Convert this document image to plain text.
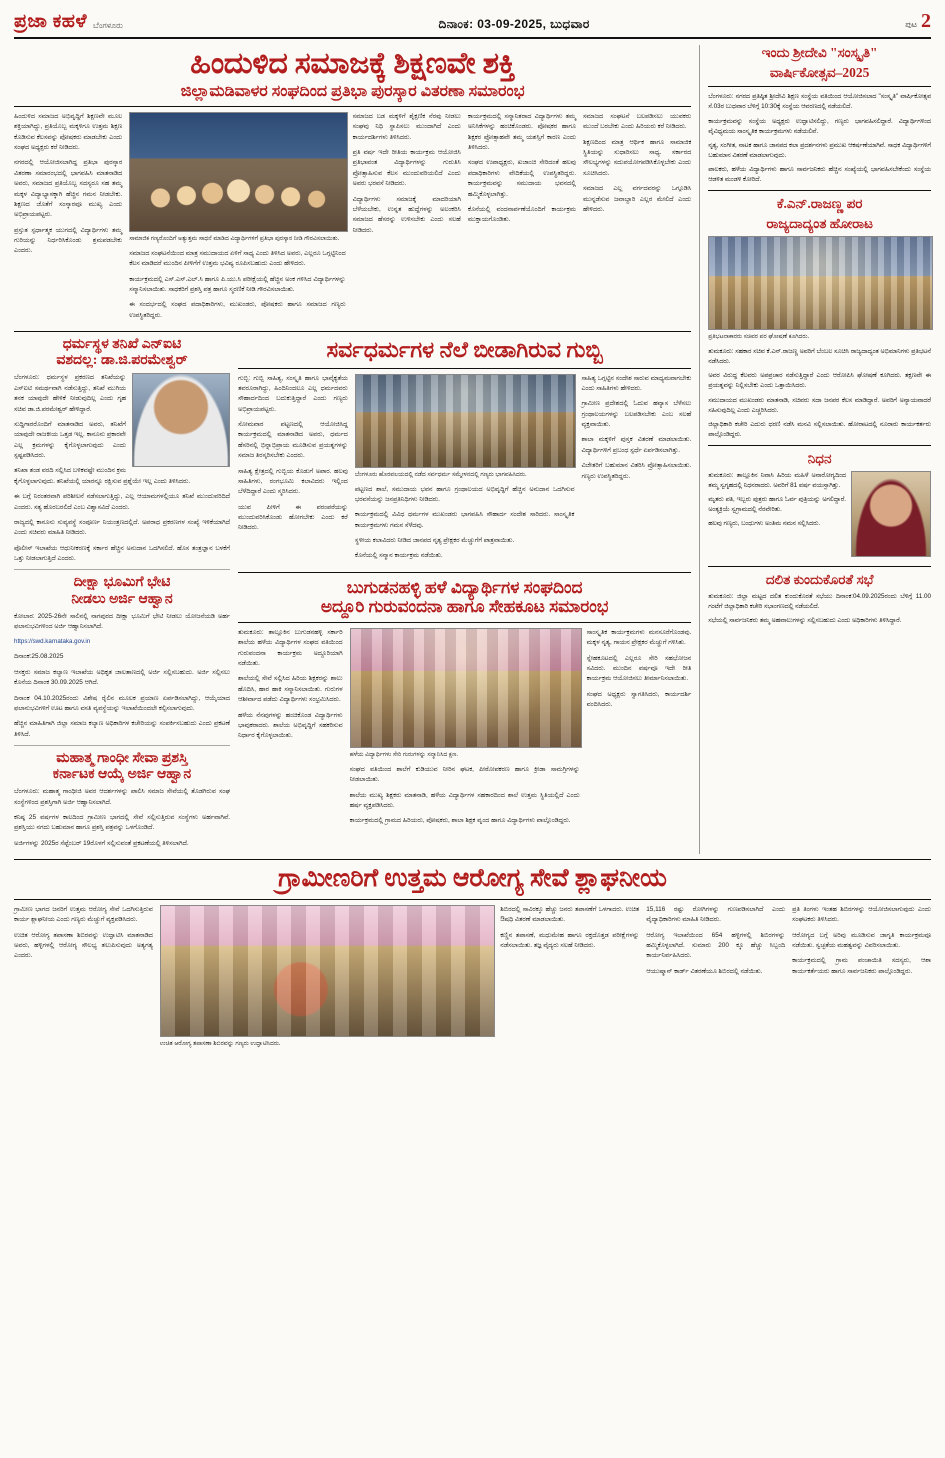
ಪ್ರಜಾ ಕಹಳೆ ಬೆಂಗಳೂರು	ದಿನಾಂಕ: 03-09-2025, ಬುಧವಾರ	ಪುಟ 2
ಹಿಂದುಳಿದ ಸಮಾಜಕ್ಕೆ ಶಿಕ್ಷಣವೇ ಶಕ್ತಿ
ಜಿಲ್ಲಾಮಡಿವಾಳರ ಸಂಘದಿಂದ ಪ್ರತಿಭಾ ಪುರಸ್ಕಾರ ವಿತರಣಾ ಸಮಾರಂಭ

ಹಿಂದುಳಿದ ಸಮಾಜದ ಅಭಿವೃದ್ಧಿಗೆ ಶಿಕ್ಷಣವೇ ಮೂಲ ಶಕ್ತಿಯಾಗಿದ್ದು, ಪ್ರತಿಯೊಬ್ಬ ಮಕ್ಕಳಿಗೂ ಉತ್ತಮ ಶಿಕ್ಷಣ ಕೊಡಿಸುವ ಕೆಲಸವನ್ನು ಪೋಷಕರು ಮಾಡಬೇಕು ಎಂದು ಸಂಘದ ಅಧ್ಯಕ್ಷರು ಕರೆ ನೀಡಿದರು.

ನಗರದಲ್ಲಿ ಆಯೋಜಿಸಲಾಗಿದ್ದ ಪ್ರತಿಭಾ ಪುರಸ್ಕಾರ ವಿತರಣಾ ಸಮಾರಂಭದಲ್ಲಿ ಭಾಗವಹಿಸಿ ಮಾತನಾಡಿದ ಅವರು, ಸಮಾಜದ ಪ್ರತಿಯೊಬ್ಬ ಸದಸ್ಯರೂ ಸಹ ತಮ್ಮ ಮಕ್ಕಳ ವಿದ್ಯಾಭ್ಯಾಸಕ್ಕಾಗಿ ಹೆಚ್ಚಿನ ಗಮನ ನೀಡಬೇಕು. ಶಿಕ್ಷಣದ ಜೊತೆಗೆ ಸಂಸ್ಕಾರವೂ ಮುಖ್ಯ ಎಂದು ಅಭಿಪ್ರಾಯಪಟ್ಟರು.

ಪ್ರಸ್ತುತ ಸ್ಪರ್ಧಾತ್ಮಕ ಯುಗದಲ್ಲಿ ವಿದ್ಯಾರ್ಥಿಗಳು ತಮ್ಮ ಗುರಿಯನ್ನು ನಿರ್ಧರಿಸಿಕೊಂಡು ಶ್ರಮಪಡಬೇಕು ಎಂದರು.

ಸಾಮಾಜಿಕ ಗಣ್ಯರೊಂದಿಗೆ ಅತ್ಯುತ್ತಮ ಸಾಧನೆ ಮಾಡಿದ ವಿದ್ಯಾರ್ಥಿಗಳಿಗೆ ಪ್ರತಿಭಾ ಪುರಸ್ಕಾರ ನೀಡಿ ಗೌರವಿಸಲಾಯಿತು.

ಸಮಾಜದ ಸಂಘಟನೆಯಿಂದ ಮಾತ್ರ ಸಮುದಾಯದ ಏಳಿಗೆ ಸಾಧ್ಯ ಎಂದು ತಿಳಿಸಿದ ಅವರು, ಎಲ್ಲರೂ ಒಗ್ಗಟ್ಟಿನಿಂದ ಕೆಲಸ ಮಾಡಿದರೆ ಮುಂದಿನ ಪೀಳಿಗೆಗೆ ಉತ್ತಮ ಭವಿಷ್ಯ ರೂಪಿಸಬಹುದು ಎಂದು ಹೇಳಿದರು.

ಕಾರ್ಯಕ್ರಮದಲ್ಲಿ ಎಸ್.ಎಸ್.ಎಲ್.ಸಿ ಹಾಗೂ ಪಿ.ಯು.ಸಿ ಪರೀಕ್ಷೆಯಲ್ಲಿ ಹೆಚ್ಚಿನ ಅಂಕ ಗಳಿಸಿದ ವಿದ್ಯಾರ್ಥಿಗಳನ್ನು ಸನ್ಮಾನಿಸಲಾಯಿತು. ಸಾಧಕರಿಗೆ ಪ್ರಶಸ್ತಿ ಪತ್ರ ಹಾಗೂ ಸ್ಮರಣಿಕೆ ನೀಡಿ ಗೌರವಿಸಲಾಯಿತು.

ಈ ಸಂದರ್ಭದಲ್ಲಿ ಸಂಘದ ಪದಾಧಿಕಾರಿಗಳು, ಮುಖಂಡರು, ಪೋಷಕರು ಹಾಗೂ ಸಮಾಜದ ಗಣ್ಯರು ಉಪಸ್ಥಿತರಿದ್ದರು.

ಸಮಾಜದ ಬಡ ಮಕ್ಕಳಿಗೆ ಶೈಕ್ಷಣಿಕ ನೆರವು ನೀಡಲು ಸಂಘವು ನಿಧಿ ಸ್ಥಾಪಿಸಲು ಮುಂದಾಗಿದೆ ಎಂದು ಕಾರ್ಯದರ್ಶಿಗಳು ತಿಳಿಸಿದರು.

ಪ್ರತಿ ವರ್ಷ ಇದೇ ರೀತಿಯ ಕಾರ್ಯಕ್ರಮ ಆಯೋಜಿಸಿ ಪ್ರತಿಭಾವಂತ ವಿದ್ಯಾರ್ಥಿಗಳನ್ನು ಗುರುತಿಸಿ ಪ್ರೋತ್ಸಾಹಿಸುವ ಕೆಲಸ ಮುಂದುವರಿಯಲಿದೆ ಎಂದು ಅವರು ಭರವಸೆ ನೀಡಿದರು.

ವಿದ್ಯಾರ್ಥಿಗಳು ಸಮಾಜಕ್ಕೆ ಮಾದರಿಯಾಗಿ ಬೆಳೆಯಬೇಕು, ಉನ್ನತ ಹುದ್ದೆಗಳನ್ನು ಅಲಂಕರಿಸಿ ಸಮಾಜದ ಹೆಸರನ್ನು ಉಳಿಸಬೇಕು ಎಂದು ಸಲಹೆ ನೀಡಿದರು.

ಕಾರ್ಯಕ್ರಮದಲ್ಲಿ ಸನ್ಮಾನಿತರಾದ ವಿದ್ಯಾರ್ಥಿಗಳು ತಮ್ಮ ಅನಿಸಿಕೆಗಳನ್ನು ಹಂಚಿಕೊಂಡರು. ಪೋಷಕರ ಹಾಗೂ ಶಿಕ್ಷಕರ ಪ್ರೋತ್ಸಾಹವೇ ತಮ್ಮ ಯಶಸ್ಸಿಗೆ ಕಾರಣ ಎಂದು ತಿಳಿಸಿದರು.

ಸಂಘದ ಉಪಾಧ್ಯಕ್ಷರು, ಖಜಾಂಚಿ ಸೇರಿದಂತೆ ಹಲವು ಪದಾಧಿಕಾರಿಗಳು ವೇದಿಕೆಯಲ್ಲಿ ಉಪಸ್ಥಿತರಿದ್ದರು. ಕಾರ್ಯಕ್ರಮವನ್ನು ಸಮುದಾಯ ಭವನದಲ್ಲಿ ಹಮ್ಮಿಕೊಳ್ಳಲಾಗಿತ್ತು.

ಕೊನೆಯಲ್ಲಿ ವಂದನಾರ್ಪಣೆಯೊಂದಿಗೆ ಕಾರ್ಯಕ್ರಮ ಮುಕ್ತಾಯಗೊಂಡಿತು.

ಸಮಾಜದ ಸಂಘಟನೆ ಬಲಪಡಿಸಲು ಯುವಕರು ಮುಂದೆ ಬರಬೇಕು ಎಂದು ಹಿರಿಯರು ಕರೆ ನೀಡಿದರು.

ಶಿಕ್ಷಣದಿಂದ ಮಾತ್ರ ಆರ್ಥಿಕ ಹಾಗೂ ಸಾಮಾಜಿಕ ಸ್ಥಿತಿಯನ್ನು ಸುಧಾರಿಸಲು ಸಾಧ್ಯ. ಸರ್ಕಾರದ ಸೌಲಭ್ಯಗಳನ್ನು ಸದುಪಯೋಗಪಡಿಸಿಕೊಳ್ಳಬೇಕು ಎಂದು ಸೂಚಿಸಿದರು.

ಸಮಾಜದ ಎಲ್ಲ ವರ್ಗದವರನ್ನು ಒಗ್ಗೂಡಿಸಿ ಮುನ್ನಡೆಸುವ ಜವಾಬ್ದಾರಿ ಎಲ್ಲರ ಮೇಲಿದೆ ಎಂದು ಹೇಳಿದರು.

ಧರ್ಮಸ್ಥಳ ತನಿಖೆ ಎನ್‌ಐಟಿ
ವಶದಲ್ಲ: ಡಾ.ಜಿ.ಪರಮೇಶ್ವರ್

ಬೆಂಗಳೂರು: ಧರ್ಮಸ್ಥಳ ಪ್ರಕರಣದ ತನಿಖೆಯನ್ನು ಎಸ್‌ಐಟಿ ಸಮರ್ಥವಾಗಿ ನಡೆಸುತ್ತಿದ್ದು, ತನಿಖೆ ಮುಗಿಯ ತನಕ ಯಾವುದೇ ಹೇಳಿಕೆ ನೀಡುವುದಿಲ್ಲ ಎಂದು ಗೃಹ ಸಚಿವ ಡಾ.ಜಿ.ಪರಮೇಶ್ವರ್ ಹೇಳಿದ್ದಾರೆ.

ಸುದ್ದಿಗಾರರೊಂದಿಗೆ ಮಾತನಾಡಿದ ಅವರು, ತನಿಖೆಗೆ ಯಾವುದೇ ರಾಜಕೀಯ ಒತ್ತಡ ಇಲ್ಲ. ಕಾನೂನು ಪ್ರಕಾರವೇ ಎಲ್ಲ ಕ್ರಮಗಳನ್ನು ಕೈಗೊಳ್ಳಲಾಗುವುದು ಎಂದು ಸ್ಪಷ್ಟಪಡಿಸಿದರು.

ತನಿಖಾ ತಂಡ ವರದಿ ಸಲ್ಲಿಸಿದ ಬಳಿಕವಷ್ಟೇ ಮುಂದಿನ ಕ್ರಮ ಕೈಗೊಳ್ಳಲಾಗುವುದು. ತನಿಖೆಯಲ್ಲಿ ಯಾರನ್ನೂ ರಕ್ಷಿಸುವ ಪ್ರಶ್ನೆಯೇ ಇಲ್ಲ ಎಂದು ತಿಳಿಸಿದರು.

ಈ ಬಗ್ಗೆ ನಿರಂತರವಾಗಿ ಪರಿಶೀಲನೆ ನಡೆಸಲಾಗುತ್ತಿದ್ದು, ಎಲ್ಲ ಆಯಾಮಗಳಲ್ಲಿಯೂ ತನಿಖೆ ಮುಂದುವರಿದಿದೆ ಎಂದರು. ಸತ್ಯ ಹೊರಬರಲಿದೆ ಎಂಬ ವಿಶ್ವಾಸವಿದೆ ಎಂದರು.

ರಾಜ್ಯದಲ್ಲಿ ಕಾನೂನು ಸುವ್ಯವಸ್ಥೆ ಸಂಪೂರ್ಣ ನಿಯಂತ್ರಣದಲ್ಲಿದೆ. ಅಪರಾಧ ಪ್ರಕರಣಗಳ ಸಂಖ್ಯೆ ಇಳಿಕೆಯಾಗಿದೆ ಎಂದು ಸಚಿವರು ಮಾಹಿತಿ ನೀಡಿದರು.

ಪೊಲೀಸ್ ಇಲಾಖೆಯ ಆಧುನೀಕರಣಕ್ಕೆ ಸರ್ಕಾರ ಹೆಚ್ಚಿನ ಅನುದಾನ ಒದಗಿಸಲಿದೆ. ಹೊಸ ತಂತ್ರಜ್ಞಾನ ಬಳಕೆಗೆ ಒತ್ತು ನೀಡಲಾಗುತ್ತಿದೆ ಎಂದರು.

ದೀಕ್ಷಾ ಭೂಮಿಗೆ ಭೇಟಿ
ನೀಡಲು ಅರ್ಜಿ ಆಹ್ವಾನ

ಕೋಲಾರ: 2025-26ನೇ ಸಾಲಿನಲ್ಲಿ ನಾಗಪುರದ ದೀಕ್ಷಾ ಭೂಮಿಗೆ ಭೇಟಿ ನೀಡಲು ಯೋಜನೆಯಡಿ ಅರ್ಹ ಫಲಾನುಭವಿಗಳಿಂದ ಅರ್ಜಿ ಆಹ್ವಾನಿಸಲಾಗಿದೆ.

https://swd.karnataka.gov.in

ದಿನಾಂಕ:25.08.2025

ಆಸಕ್ತರು ಸಮಾಜ ಕಲ್ಯಾಣ ಇಲಾಖೆಯ ಅಧಿಕೃತ ಜಾಲತಾಣದಲ್ಲಿ ಅರ್ಜಿ ಸಲ್ಲಿಸಬಹುದು. ಅರ್ಜಿ ಸಲ್ಲಿಸಲು ಕೊನೆಯ ದಿನಾಂಕ 30.09.2025 ಆಗಿದೆ.

ದಿನಾಂಕ 04.10.2025ರಂದು ವಿಶೇಷ ರೈಲಿನ ಮೂಲಕ ಪ್ರಯಾಣ ಏರ್ಪಡಿಸಲಾಗಿದ್ದು, ಆಯ್ಕೆಯಾದ ಫಲಾನುಭವಿಗಳಿಗೆ ಊಟ ಹಾಗೂ ವಸತಿ ವ್ಯವಸ್ಥೆಯನ್ನು ಇಲಾಖೆಯಿಂದಲೇ ಕಲ್ಪಿಸಲಾಗುವುದು.

ಹೆಚ್ಚಿನ ಮಾಹಿತಿಗಾಗಿ ಜಿಲ್ಲಾ ಸಮಾಜ ಕಲ್ಯಾಣ ಅಧಿಕಾರಿಗಳ ಕಚೇರಿಯನ್ನು ಸಂಪರ್ಕಿಸಬಹುದು ಎಂದು ಪ್ರಕಟಣೆ ತಿಳಿಸಿದೆ.

ಮಹಾತ್ಮ ಗಾಂಧೀ ಸೇವಾ ಪ್ರಶಸ್ತಿ
ಕರ್ನಾಟಕ ಆಯ್ಕೆ ಅರ್ಜಿ ಆಹ್ವಾನ

ಬೆಂಗಳೂರು: ಮಹಾತ್ಮ ಗಾಂಧೀಜಿ ಅವರ ಆದರ್ಶಗಳನ್ನು ಪಾಲಿಸಿ ಸಮಾಜ ಸೇವೆಯಲ್ಲಿ ತೊಡಗಿರುವ ಸಂಘ ಸಂಸ್ಥೆಗಳಿಂದ ಪ್ರಶಸ್ತಿಗಾಗಿ ಅರ್ಜಿ ಆಹ್ವಾನಿಸಲಾಗಿದೆ.

ಕನಿಷ್ಠ 25 ವರ್ಷಗಳ ಕಾಲದಿಂದ ಗ್ರಾಮೀಣ ಭಾಗದಲ್ಲಿ ಸೇವೆ ಸಲ್ಲಿಸುತ್ತಿರುವ ಸಂಸ್ಥೆಗಳು ಅರ್ಹವಾಗಿವೆ. ಪ್ರಶಸ್ತಿಯು ನಗದು ಬಹುಮಾನ ಹಾಗೂ ಪ್ರಶಸ್ತಿ ಪತ್ರವನ್ನು ಒಳಗೊಂಡಿದೆ.

ಅರ್ಜಿಗಳನ್ನು 2025ರ ಸೆಪ್ಟೆಂಬರ್ 19ರೊಳಗೆ ಸಲ್ಲಿಸುವಂತೆ ಪ್ರಕಟಣೆಯಲ್ಲಿ ತಿಳಿಸಲಾಗಿದೆ.

ಸರ್ವಧರ್ಮಗಳ ನೆಲೆ ಬೀಡಾಗಿರುವ ಗುಬ್ಬಿ

ಗುಬ್ಬಿ: ಗುಬ್ಬಿ ಸಾಹಿತ್ಯ, ಸಂಸ್ಕೃತಿ ಹಾಗೂ ಭಾವೈಕ್ಯತೆಯ ತವರೂರಾಗಿದ್ದು, ಹಿಂದಿನಿಂದಲೂ ಎಲ್ಲ ಧರ್ಮದವರು ಸೌಹಾರ್ದದಿಂದ ಬದುಕುತ್ತಿದ್ದಾರೆ ಎಂದು ಗಣ್ಯರು ಅಭಿಪ್ರಾಯಪಟ್ಟರು.

ಸೋಮವಾರ ಪಟ್ಟಣದಲ್ಲಿ ಆಯೋಜಿಸಿದ್ದ ಕಾರ್ಯಕ್ರಮದಲ್ಲಿ ಮಾತನಾಡಿದ ಅವರು, ಧರ್ಮದ ಹೆಸರಿನಲ್ಲಿ ಭಿನ್ನಾಭಿಪ್ರಾಯ ಮೂಡಿಸುವ ಪ್ರಯತ್ನಗಳನ್ನು ಸಮಾಜ ತಿರಸ್ಕರಿಸಬೇಕು ಎಂದರು.

ಸಾಹಿತ್ಯ ಕ್ಷೇತ್ರದಲ್ಲಿ ಗುಬ್ಬಿಯ ಕೊಡುಗೆ ಅಪಾರ. ಹಲವು ಸಾಹಿತಿಗಳು, ರಂಗಭೂಮಿ ಕಲಾವಿದರು ಇಲ್ಲಿಂದ ಬೆಳೆದಿದ್ದಾರೆ ಎಂದು ಸ್ಮರಿಸಿದರು.

ಯುವ ಪೀಳಿಗೆ ಈ ಪರಂಪರೆಯನ್ನು ಮುಂದುವರಿಸಿಕೊಂಡು ಹೋಗಬೇಕು ಎಂದು ಕರೆ ನೀಡಿದರು.

ಬೆಂಗಳೂರು ಹೊರವಲಯದಲ್ಲಿ ನಡೆದ ಸರ್ವಧರ್ಮ ಸಮ್ಮೇಳನದಲ್ಲಿ ಗಣ್ಯರು ಭಾಗವಹಿಸಿದರು.

ಪಟ್ಟಣದ ಶಾಲೆ, ಸಮುದಾಯ ಭವನ ಹಾಗೂ ಗ್ರಂಥಾಲಯದ ಅಭಿವೃದ್ಧಿಗೆ ಹೆಚ್ಚಿನ ಅನುದಾನ ಒದಗಿಸುವ ಭರವಸೆಯನ್ನು ಜನಪ್ರತಿನಿಧಿಗಳು ನೀಡಿದರು.

ಕಾರ್ಯಕ್ರಮದಲ್ಲಿ ವಿವಿಧ ಧರ್ಮಗಳ ಮುಖಂಡರು ಭಾಗವಹಿಸಿ ಸೌಹಾರ್ದ ಸಂದೇಶ ಸಾರಿದರು. ಸಾಂಸ್ಕೃತಿಕ ಕಾರ್ಯಕ್ರಮಗಳು ಗಮನ ಸೆಳೆದವು.

ಸ್ಥಳೀಯ ಕಲಾವಿದರು ನೀಡಿದ ಜಾನಪದ ನೃತ್ಯ ಪ್ರೇಕ್ಷಕರ ಮೆಚ್ಚುಗೆಗೆ ಪಾತ್ರವಾಯಿತು.

ಕೊನೆಯಲ್ಲಿ ಸನ್ಮಾನ ಕಾರ್ಯಕ್ರಮ ನಡೆಯಿತು.

ಸಾಹಿತ್ಯ ಒಗ್ಗಟ್ಟಿನ ಸಂದೇಶ ಸಾರುವ ಮಾಧ್ಯಮವಾಗಬೇಕು ಎಂದು ಸಾಹಿತಿಗಳು ಹೇಳಿದರು.

ಗ್ರಾಮೀಣ ಪ್ರದೇಶದಲ್ಲಿ ಓದುವ ಹವ್ಯಾಸ ಬೆಳೆಸಲು ಗ್ರಂಥಾಲಯಗಳನ್ನು ಬಲಪಡಿಸಬೇಕು ಎಂಬ ಸಲಹೆ ವ್ಯಕ್ತವಾಯಿತು.

ಶಾಲಾ ಮಕ್ಕಳಿಗೆ ಪುಸ್ತಕ ವಿತರಣೆ ಮಾಡಲಾಯಿತು. ವಿದ್ಯಾರ್ಥಿಗಳಿಗೆ ಪ್ರಬಂಧ ಸ್ಪರ್ಧೆ ಏರ್ಪಡಿಸಲಾಗಿತ್ತು.

ವಿಜೇತರಿಗೆ ಬಹುಮಾನ ವಿತರಿಸಿ ಪ್ರೋತ್ಸಾಹಿಸಲಾಯಿತು. ಗಣ್ಯರು ಉಪಸ್ಥಿತರಿದ್ದರು.

ಬುಗುಡನಹಳ್ಳಿ ಹಳೆ ವಿದ್ಯಾರ್ಥಿಗಳ ಸಂಘದಿಂದ
ಅದ್ದೂರಿ ಗುರುವಂದನಾ ಹಾಗೂ ಸೇಹಕೂಟ ಸಮಾರಂಭ

ತುಮಕೂರು: ತಾಲ್ಲೂಕಿನ ಬುಗುಡನಹಳ್ಳಿ ಸರ್ಕಾರಿ ಶಾಲೆಯ ಹಳೆಯ ವಿದ್ಯಾರ್ಥಿಗಳ ಸಂಘದ ವತಿಯಿಂದ ಗುರುವಂದನಾ ಕಾರ್ಯಕ್ರಮ ಅದ್ದೂರಿಯಾಗಿ ನಡೆಯಿತು.

ಶಾಲೆಯಲ್ಲಿ ಸೇವೆ ಸಲ್ಲಿಸಿದ ಹಿರಿಯ ಶಿಕ್ಷಕರನ್ನು ಶಾಲು ಹೊದಿಸಿ, ಹಾರ ಹಾಕಿ ಸನ್ಮಾನಿಸಲಾಯಿತು. ಗುರುಗಳ ಆಶೀರ್ವಾದ ಪಡೆದು ವಿದ್ಯಾರ್ಥಿಗಳು ಸಂಭ್ರಮಿಸಿದರು.

ಹಳೆಯ ನೆನಪುಗಳನ್ನು ಹಂಚಿಕೊಂಡ ವಿದ್ಯಾರ್ಥಿಗಳು ಭಾವುಕರಾದರು. ಶಾಲೆಯ ಅಭಿವೃದ್ಧಿಗೆ ಸಹಕರಿಸುವ ನಿರ್ಧಾರ ಕೈಗೊಳ್ಳಲಾಯಿತು.

ಹಳೆಯ ವಿದ್ಯಾರ್ಥಿಗಳು ಸೇರಿ ಗುರುಗಳನ್ನು ಸನ್ಮಾನಿಸಿದ ಕ್ಷಣ.

ಸಂಘದ ವತಿಯಿಂದ ಶಾಲೆಗೆ ಕುಡಿಯುವ ನೀರಿನ ಘಟಕ, ಪೀಠೋಪಕರಣ ಹಾಗೂ ಕ್ರೀಡಾ ಸಾಮಗ್ರಿಗಳನ್ನು ನೀಡಲಾಯಿತು.

ಶಾಲೆಯ ಮುಖ್ಯ ಶಿಕ್ಷಕರು ಮಾತನಾಡಿ, ಹಳೆಯ ವಿದ್ಯಾರ್ಥಿಗಳ ಸಹಕಾರದಿಂದ ಶಾಲೆ ಉತ್ತಮ ಸ್ಥಿತಿಯಲ್ಲಿದೆ ಎಂದು ಹರ್ಷ ವ್ಯಕ್ತಪಡಿಸಿದರು.

ಕಾರ್ಯಕ್ರಮದಲ್ಲಿ ಗ್ರಾಮದ ಹಿರಿಯರು, ಪೋಷಕರು, ಶಾಲಾ ಶಿಕ್ಷಕ ವೃಂದ ಹಾಗೂ ವಿದ್ಯಾರ್ಥಿಗಳು ಪಾಲ್ಗೊಂಡಿದ್ದರು.

ಸಾಂಸ್ಕೃತಿಕ ಕಾರ್ಯಕ್ರಮಗಳು ಮನಸೂರೆಗೊಂಡವು. ಮಕ್ಕಳ ನೃತ್ಯ, ಗಾಯನ ಪ್ರೇಕ್ಷಕರ ಮೆಚ್ಚುಗೆ ಗಳಿಸಿತು.

ಸ್ನೇಹಕೂಟದಲ್ಲಿ ಎಲ್ಲರೂ ಸೇರಿ ಸಹಭೋಜನ ಸವಿದರು. ಮುಂದಿನ ವರ್ಷವೂ ಇದೇ ರೀತಿ ಕಾರ್ಯಕ್ರಮ ಆಯೋಜಿಸಲು ತೀರ್ಮಾನಿಸಲಾಯಿತು.

ಸಂಘದ ಅಧ್ಯಕ್ಷರು ಸ್ವಾಗತಿಸಿದರು, ಕಾರ್ಯದರ್ಶಿ ವಂದಿಸಿದರು.

ಇಂದು ಶ್ರೀದೇವಿ "ಸಂಸ್ಕೃತಿ"
ವಾರ್ಷಿಕೋತ್ಸವ–2025

ಬೆಂಗಳೂರು: ನಗರದ ಪ್ರತಿಷ್ಠಿತ ಶ್ರೀದೇವಿ ಶಿಕ್ಷಣ ಸಂಸ್ಥೆಯ ವತಿಯಿಂದ ಆಯೋಜಿಸಲಾದ "ಸಂಸ್ಕೃತಿ" ವಾರ್ಷಿಕೋತ್ಸವ ಸೆ.03ರ ಬುಧವಾರ ಬೆಳಿಗ್ಗೆ 10:30ಕ್ಕೆ ಸಂಸ್ಥೆಯ ಆವರಣದಲ್ಲಿ ನಡೆಯಲಿದೆ.

ಕಾರ್ಯಕ್ರಮವನ್ನು ಸಂಸ್ಥೆಯ ಅಧ್ಯಕ್ಷರು ಉದ್ಘಾಟಿಸಲಿದ್ದು, ಗಣ್ಯರು ಭಾಗವಹಿಸಲಿದ್ದಾರೆ. ವಿದ್ಯಾರ್ಥಿಗಳಿಂದ ವೈವಿಧ್ಯಮಯ ಸಾಂಸ್ಕೃತಿಕ ಕಾರ್ಯಕ್ರಮಗಳು ನಡೆಯಲಿವೆ.

ನೃತ್ಯ, ಸಂಗೀತ, ನಾಟಕ ಹಾಗೂ ಜಾನಪದ ಕಲಾ ಪ್ರದರ್ಶನಗಳು ಪ್ರಮುಖ ಆಕರ್ಷಣೆಯಾಗಿವೆ. ಸಾಧಕ ವಿದ್ಯಾರ್ಥಿಗಳಿಗೆ ಬಹುಮಾನ ವಿತರಣೆ ಮಾಡಲಾಗುವುದು.

ಪಾಲಕರು, ಹಳೆಯ ವಿದ್ಯಾರ್ಥಿಗಳು ಹಾಗೂ ಸಾರ್ವಜನಿಕರು ಹೆಚ್ಚಿನ ಸಂಖ್ಯೆಯಲ್ಲಿ ಭಾಗವಹಿಸಬೇಕೆಂದು ಸಂಸ್ಥೆಯ ಆಡಳಿತ ಮಂಡಳಿ ಕೋರಿದೆ.

ಕೆ.ಎನ್.ರಾಜಣ್ಣ ಪರ
ರಾಜ್ಯದಾದ್ಯಂತ ಹೋರಾಟ
ಪ್ರತಿಭಟನಾಕಾರರು ಸಚಿವರ ಪರ ಘೋಷಣೆ ಕೂಗಿದರು.

ತುಮಕೂರು: ಸಹಕಾರ ಸಚಿವ ಕೆ.ಎನ್.ರಾಜಣ್ಣ ಅವರಿಗೆ ಬೆಂಬಲ ಸೂಚಿಸಿ ರಾಜ್ಯದಾದ್ಯಂತ ಅಭಿಮಾನಿಗಳು ಪ್ರತಿಭಟನೆ ನಡೆಸಿದರು.

ಅವರ ವಿರುದ್ಧ ಕೆಲವರು ಅಪಪ್ರಚಾರ ನಡೆಸುತ್ತಿದ್ದಾರೆ ಎಂದು ಆರೋಪಿಸಿ ಘೋಷಣೆ ಕೂಗಿದರು. ತಕ್ಷಣವೇ ಈ ಪ್ರಯತ್ನವನ್ನು ನಿಲ್ಲಿಸಬೇಕು ಎಂದು ಒತ್ತಾಯಿಸಿದರು.

ಸಮುದಾಯದ ಮುಖಂಡರು ಮಾತನಾಡಿ, ಸಚಿವರು ಸದಾ ಜನಪರ ಕೆಲಸ ಮಾಡಿದ್ದಾರೆ. ಅವರಿಗೆ ಅನ್ಯಾಯವಾದರೆ ಸಹಿಸುವುದಿಲ್ಲ ಎಂದು ಎಚ್ಚರಿಸಿದರು.

ಜಿಲ್ಲಾಧಿಕಾರಿ ಕಚೇರಿ ಎದುರು ಧರಣಿ ನಡೆಸಿ ಮನವಿ ಸಲ್ಲಿಸಲಾಯಿತು. ಹೋರಾಟದಲ್ಲಿ ನೂರಾರು ಕಾರ್ಯಕರ್ತರು ಪಾಲ್ಗೊಂಡಿದ್ದರು.

ನಿಧನ

ತುಮಕೂರು: ತಾಲ್ಲೂಕಿನ ನಿವಾಸಿ ಹಿರಿಯ ಮಹಿಳೆ ಅನಾರೋಗ್ಯದಿಂದ ತಮ್ಮ ಸ್ವಗೃಹದಲ್ಲಿ ನಿಧನರಾದರು. ಅವರಿಗೆ 81 ವರ್ಷ ವಯಸ್ಸಾಗಿತ್ತು.

ಮೃತರು ಪತಿ, ಇಬ್ಬರು ಪುತ್ರರು ಹಾಗೂ ಓರ್ವ ಪುತ್ರಿಯನ್ನು ಅಗಲಿದ್ದಾರೆ. ಅಂತ್ಯಕ್ರಿಯೆ ಸ್ವಗ್ರಾಮದಲ್ಲಿ ನೆರವೇರಿತು.

ಹಲವು ಗಣ್ಯರು, ಬಂಧುಗಳು ಅಂತಿಮ ನಮನ ಸಲ್ಲಿಸಿದರು.

ದಲಿತ ಕುಂದುಕೊರತೆ ಸಭೆ

ತುಮಕೂರು: ಜಿಲ್ಲಾ ಮಟ್ಟದ ದಲಿತ ಕುಂದುಕೊರತೆ ಸಭೆಯು ದಿನಾಂಕ:04.09.2025ರಂದು ಬೆಳಿಗ್ಗೆ 11.00 ಗಂಟೆಗೆ ಜಿಲ್ಲಾಧಿಕಾರಿ ಕಚೇರಿ ಸಭಾಂಗಣದಲ್ಲಿ ನಡೆಯಲಿದೆ.

ಸಭೆಯಲ್ಲಿ ಸಾರ್ವಜನಿಕರು ತಮ್ಮ ಅಹವಾಲುಗಳನ್ನು ಸಲ್ಲಿಸಬಹುದು ಎಂದು ಅಧಿಕಾರಿಗಳು ತಿಳಿಸಿದ್ದಾರೆ.

ಗ್ರಾಮೀಣರಿಗೆ ಉತ್ತಮ ಆರೋಗ್ಯ ಸೇವೆ ಶ್ಲಾಘನೀಯ

ಗ್ರಾಮೀಣ ಭಾಗದ ಜನರಿಗೆ ಉತ್ತಮ ಆರೋಗ್ಯ ಸೇವೆ ಒದಗಿಸುತ್ತಿರುವ ಕಾರ್ಯ ಶ್ಲಾಘನೀಯ ಎಂದು ಗಣ್ಯರು ಮೆಚ್ಚುಗೆ ವ್ಯಕ್ತಪಡಿಸಿದರು.

ಉಚಿತ ಆರೋಗ್ಯ ತಪಾಸಣಾ ಶಿಬಿರವನ್ನು ಉದ್ಘಾಟಿಸಿ ಮಾತನಾಡಿದ ಅವರು, ಹಳ್ಳಿಗಳಲ್ಲಿ ಆರೋಗ್ಯ ಸೌಲಭ್ಯ ತಲುಪಿಸುವುದು ಅತ್ಯಗತ್ಯ ಎಂದರು.

ಉಚಿತ ಆರೋಗ್ಯ ತಪಾಸಣಾ ಶಿಬಿರವನ್ನು ಗಣ್ಯರು ಉದ್ಘಾಟಿಸಿದರು.

ಶಿಬಿರದಲ್ಲಿ ಸಾವಿರಕ್ಕೂ ಹೆಚ್ಚು ಜನರು ತಪಾಸಣೆಗೆ ಒಳಗಾದರು. ಉಚಿತ ಔಷಧಿ ವಿತರಣೆ ಮಾಡಲಾಯಿತು.

ಕಣ್ಣಿನ ತಪಾಸಣೆ, ಮಧುಮೇಹ ಹಾಗೂ ರಕ್ತದೊತ್ತಡ ಪರೀಕ್ಷೆಗಳನ್ನು ನಡೆಸಲಾಯಿತು. ತಜ್ಞ ವೈದ್ಯರು ಸಲಹೆ ನೀಡಿದರು.

15,116 ರಷ್ಟು ರೋಗಿಗಳನ್ನು ಗುಣಪಡಿಸಲಾಗಿದೆ ಎಂದು ವೈದ್ಯಾಧಿಕಾರಿಗಳು ಮಾಹಿತಿ ನೀಡಿದರು.

ಆರೋಗ್ಯ ಇಲಾಖೆಯಿಂದ 654 ಹಳ್ಳಿಗಳಲ್ಲಿ ಶಿಬಿರಗಳನ್ನು ಹಮ್ಮಿಕೊಳ್ಳಲಾಗಿದೆ. ಸುಮಾರು 200 ಕ್ಕೂ ಹೆಚ್ಚು ಸಿಬ್ಬಂದಿ ಕಾರ್ಯನಿರ್ವಹಿಸಿದರು.

ಆಯುಷ್ಮಾನ್ ಕಾರ್ಡ್ ವಿತರಣೆಯೂ ಶಿಬಿರದಲ್ಲಿ ನಡೆಯಿತು.

ಪ್ರತಿ ತಿಂಗಳು ಇಂತಹ ಶಿಬಿರಗಳನ್ನು ಆಯೋಜಿಸಲಾಗುವುದು ಎಂದು ಸಂಘಟಕರು ತಿಳಿಸಿದರು.

ಆರೋಗ್ಯದ ಬಗ್ಗೆ ಅರಿವು ಮೂಡಿಸುವ ಜಾಗೃತಿ ಕಾರ್ಯಕ್ರಮವೂ ನಡೆಯಿತು. ಸ್ವಚ್ಛತೆಯ ಮಹತ್ವವನ್ನು ವಿವರಿಸಲಾಯಿತು.

ಕಾರ್ಯಕ್ರಮದಲ್ಲಿ ಗ್ರಾಮ ಪಂಚಾಯಿತಿ ಸದಸ್ಯರು, ಆಶಾ ಕಾರ್ಯಕರ್ತೆಯರು ಹಾಗೂ ಸಾರ್ವಜನಿಕರು ಪಾಲ್ಗೊಂಡಿದ್ದರು.
